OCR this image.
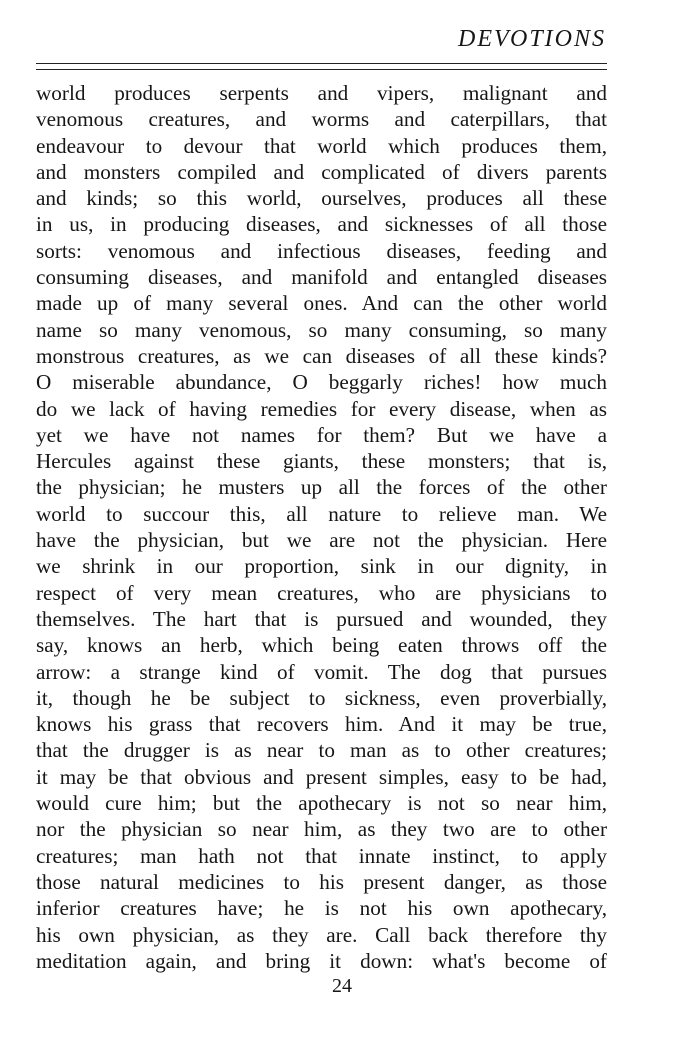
DEVOTIONS
world produces serpents and vipers, malignant and
venomous creatures, and worms and caterpillars, that
endeavour to devour that world which produces them,
and monsters compiled and complicated of divers parents
and kinds; so this world, ourselves, produces all these
in us, in producing diseases, and sicknesses of all those
sorts: venomous and infectious diseases, feeding and
consuming diseases, and manifold and entangled diseases
made up of many several ones. And can the other world
name so many venomous, so many consuming, so many
monstrous creatures, as we can diseases of all these kinds?
O miserable abundance, O beggarly riches! how much
do we lack of having remedies for every disease, when as
yet we have not names for them? But we have a
Hercules against these giants, these monsters; that is,
the physician; he musters up all the forces of the other
world to succour this, all nature to relieve man. We
have the physician, but we are not the physician. Here
we shrink in our proportion, sink in our dignity, in
respect of very mean creatures, who are physicians to
themselves. The hart that is pursued and wounded, they
say, knows an herb, which being eaten throws off the
arrow: a strange kind of vomit. The dog that pursues
it, though he be subject to sickness, even proverbially,
knows his grass that recovers him. And it may be true,
that the drugger is as near to man as to other creatures;
it may be that obvious and present simples, easy to be had,
would cure him; but the apothecary is not so near him,
nor the physician so near him, as they two are to other
creatures; man hath not that innate instinct, to apply
those natural medicines to his present danger, as those
inferior creatures have; he is not his own apothecary,
his own physician, as they are. Call back therefore thy
meditation again, and bring it down: what's become of
24
